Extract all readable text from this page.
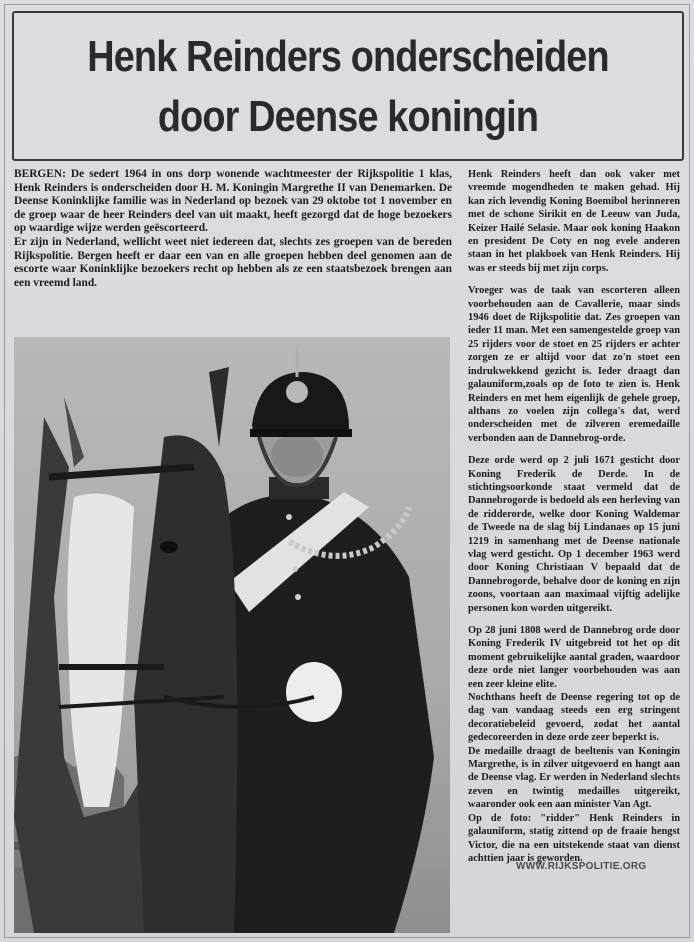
Henk Reinders onderscheiden
door Deense koningin

BERGEN: De sedert 1964 in ons dorp wonende wachtmeester der Rijkspolitie 1 klas, Henk Reinders is onderscheiden door H. M. Koningin Margrethe II van Denemarken. De Deense Koninklijke familie was in Nederland op bezoek van 29 oktobe tot 1 november en de groep waar de heer Reinders deel van uit maakt, heeft gezorgd dat de hoge bezoekers op waardige wijze werden geëscorteerd.

Er zijn in Nederland, wellicht weet niet iedereen dat, slechts zes groepen van de bereden Rijkspolitie. Bergen heeft er daar een van en alle groepen hebben deel genomen aan de escorte waar Koninklijke bezoekers recht op hebben als ze een staatsbezoek brengen aan een vreemd land.

Henk Reinders heeft dan ook vaker met vreemde mogendheden te maken gehad. Hij kan zich levendig Koning Boemibol herinneren met de schone Sirikit en de Leeuw van Juda, Keizer Hailé Selasie. Maar ook koning Haakon en president De Coty en nog evele anderen staan in het plakboek van Henk Reinders. Hij was er steeds bij met zijn corps.

Vroeger was de taak van escorteren alleen voorbehouden aan de Cavallerie, maar sinds 1946 doet de Rijkspolitie dat. Zes groepen van ieder 11 man. Met een samengestelde groep van 25 rijders voor de stoet en 25 rijders er achter zorgen ze er altijd voor dat zo'n stoet een indrukwekkend gezicht is. Ieder draagt dan galauniform,zoals op de foto te zien is. Henk Reinders en met hem eigenlijk de gehele groep, althans zo voelen zijn collega's dat, werd onderscheiden met de zilveren eremedaille verbonden aan de Dannebrog-orde.

Deze orde werd op 2 juli 1671 gesticht door Koning Frederik de Derde. In de stichtingsoorkonde staat vermeld dat de Dannebrogorde is bedoeld als een herleving van de ridderorde, welke door Koning Waldemar de Tweede na de slag bij Lindanaes op 15 juni 1219 in samenhang met de Deense nationale vlag werd gesticht. Op 1 december 1963 werd door Koning Christiaan V bepaald dat de Dannebrogorde, behalve door de koning en zijn zoons, voortaan aan maximaal vijftig adelijke personen kon worden uitgereikt.

Op 28 juni 1808 werd de Dannebrog orde door Koning Frederik IV uitgebreid tot het op dit moment gebruikelijke aantal graden, waardoor deze orde niet langer voorbehouden was aan een zeer kleine elite.

Nochthans heeft de Deense regering tot op de dag van vandaag steeds een erg stringent decoratiebeleid gevoerd, zodat het aantal gedecoreerden in deze orde zeer beperkt is.

De medaille draagt de beeltenis van Koningin Margrethe, is in zilver uitgevoerd en hangt aan de Deense vlag. Er werden in Nederland slechts zeven en twintig medailles uitgereikt, waaronder ook een aan minister Van Agt.

Op de foto: "ridder" Henk Reinders in galauniform, statig zittend op de fraaie hengst Victor, die na een uitstekende staat van dienst achttien jaar is geworden.

WWW.RIJKSPOLITIE.ORG
